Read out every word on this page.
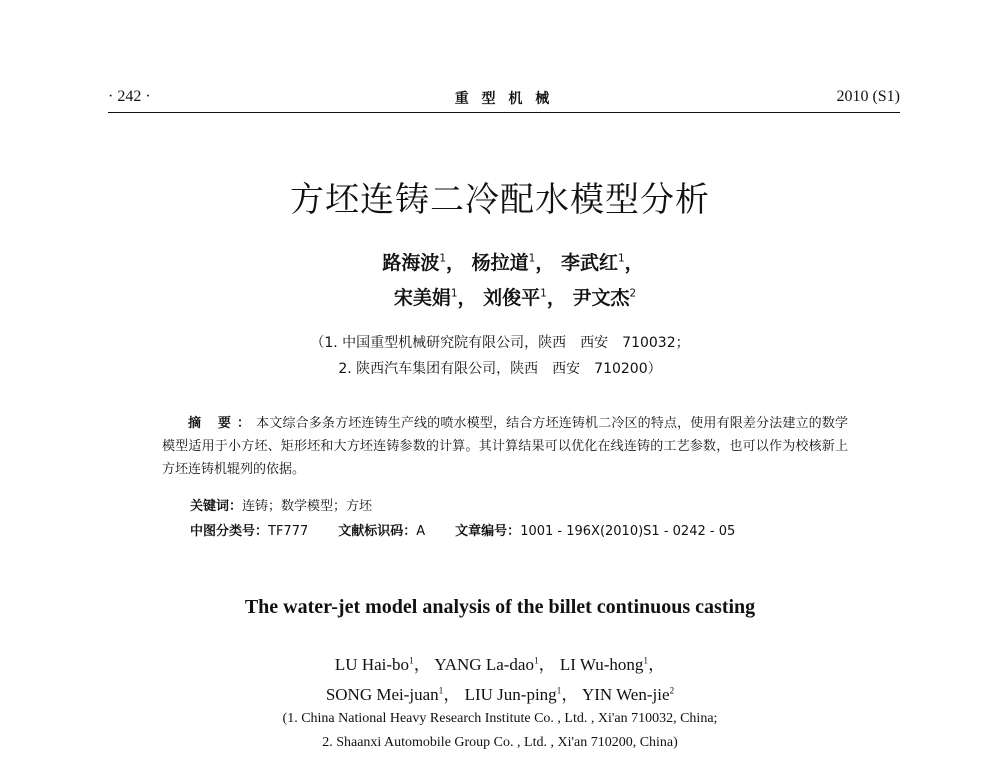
· 242 ·	重 型 机 械	2010 (S1)
方坯连铸二冷配水模型分析
路海波$^1$， 杨拉道$^1$， 李武红$^1$，
宋美娟$^1$， 刘俊平$^1$， 尹文杰$^2$
（1. 中国重型机械研究院有限公司，陕西　西安　710032；
2. 陕西汽车集团有限公司，陕西　西安　710200）
摘 要：本文综合多条方坯连铸生产线的喷水模型，结合方坯连铸机二冷区的特点，使用有限差分法建立的数学模型适用于小方坯、矩形坯和大方坯连铸参数的计算。其计算结果可以优化在线连铸的工艺参数，也可以作为校核新上方坯连铸机辊列的依据。
关键词：连铸；数学模型；方坯
中图分类号：TF777 文献标识码：A 文章编号：1001 - 196X(2010)S1 - 0242 - 05
The water-jet model analysis of the billet continuous casting
LU Hai-$bo^1$， YANG La-dao$^1$， LI Wu-hong$^1$，
SONG Mei-juan$^1$， LIU Jun-ping$^1$， YIN Wen-jie$^2$
(1. China National Heavy Research Institute Co. , Ltd. , Xi'an 710032, China;
2. Shaanxi Automobile Group Co. , Ltd. , Xi'an 710200, China)
